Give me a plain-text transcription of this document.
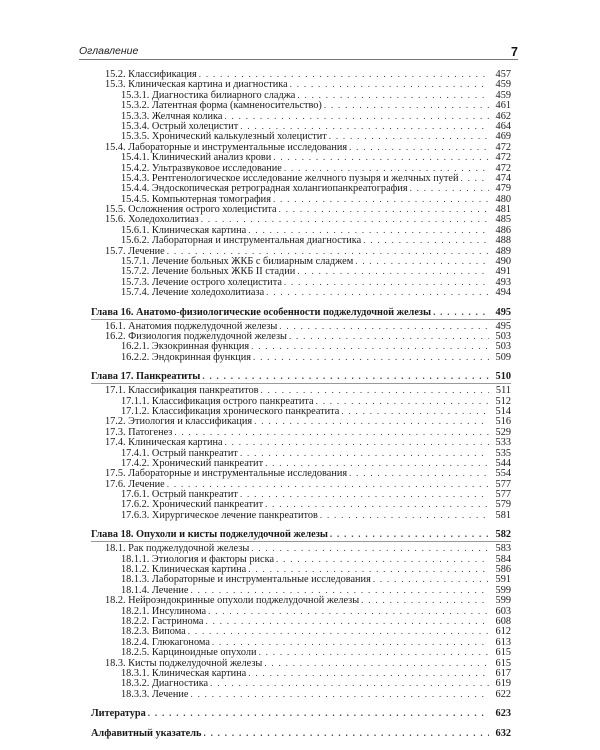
Оглавление	7
15.2. Классификация . . .	457
15.3. Клиническая картина и диагностика . . .	459
15.3.1. Диагностика билиарного сладжа . . .	459
15.3.2. Латентная форма (камненосительство) . . .	461
15.3.3. Желчная колика . . .	462
15.3.4. Острый холецистит . . .	464
15.3.5. Хронический калькулезный холецистит . . .	469
15.4. Лабораторные и инструментальные исследования . . .	472
15.4.1. Клинический анализ крови . . .	472
15.4.2. Ультразвуковое исследование . . .	472
15.4.3. Рентгенологическое исследование желчного пузыря и желчных путей . . .	474
15.4.4. Эндоскопическая ретроградная холангиопанкреатография . . .	479
15.4.5. Компьютерная томография . . .	480
15.5. Осложнения острого холецистита . . .	481
15.6. Холедохолитиаз . . .	485
15.6.1. Клиническая картина . . .	486
15.6.2. Лабораторная и инструментальная диагностика . . .	488
15.7. Лечение . . .	489
15.7.1. Лечение больных ЖКБ с билиарным сладжем . . .	490
15.7.2. Лечение больных ЖКБ II стадии . . .	491
15.7.3. Лечение острого холецистита . . .	493
15.7.4. Лечение холедохолитиаза . . .	494
Глава 16. Анатомо-физиологические особенности поджелудочной железы . . .	495
16.1. Анатомия поджелудочной железы . . .	495
16.2. Физиология поджелудочной железы . . .	503
16.2.1. Экзокринная функция . . .	503
16.2.2. Эндокринная функция . . .	509
Глава 17. Панкреатиты . . .	510
17.1. Классификация панкреатитов . . .	511
17.1.1. Классификация острого панкреатита . . .	512
17.1.2. Классификация хронического панкреатита . . .	514
17.2. Этиология и классификация . . .	516
17.3. Патогенез . . .	529
17.4. Клиническая картина . . .	533
17.4.1. Острый панкреатит . . .	535
17.4.2. Хронический панкреатит . . .	544
17.5. Лабораторные и инструментальные исследования . . .	554
17.6. Лечение . . .	577
17.6.1. Острый панкреатит . . .	577
17.6.2. Хронический панкреатит . . .	579
17.6.3. Хирургическое лечение панкреатитов . . .	581
Глава 18. Опухоли и кисты поджелудочной железы . . .	582
18.1. Рак поджелудочной железы . . .	583
18.1.1. Этиология и факторы риска . . .	584
18.1.2. Клиническая картина . . .	586
18.1.3. Лабораторные и инструментальные исследования . . .	591
18.1.4. Лечение . . .	599
18.2. Нейроэндокринные опухоли поджелудочной железы . . .	599
18.2.1. Инсулинома . . .	603
18.2.2. Гастринома . . .	608
18.2.3. Випома . . .	612
18.2.4. Глюкагонома . . .	613
18.2.5. Карциноидные опухоли . . .	615
18.3. Кисты поджелудочной железы . . .	615
18.3.1. Клиническая картина . . .	617
18.3.2. Диагностика . . .	619
18.3.3. Лечение . . .	622
Литература . . .	623
Алфавитный указатель . . .	632
